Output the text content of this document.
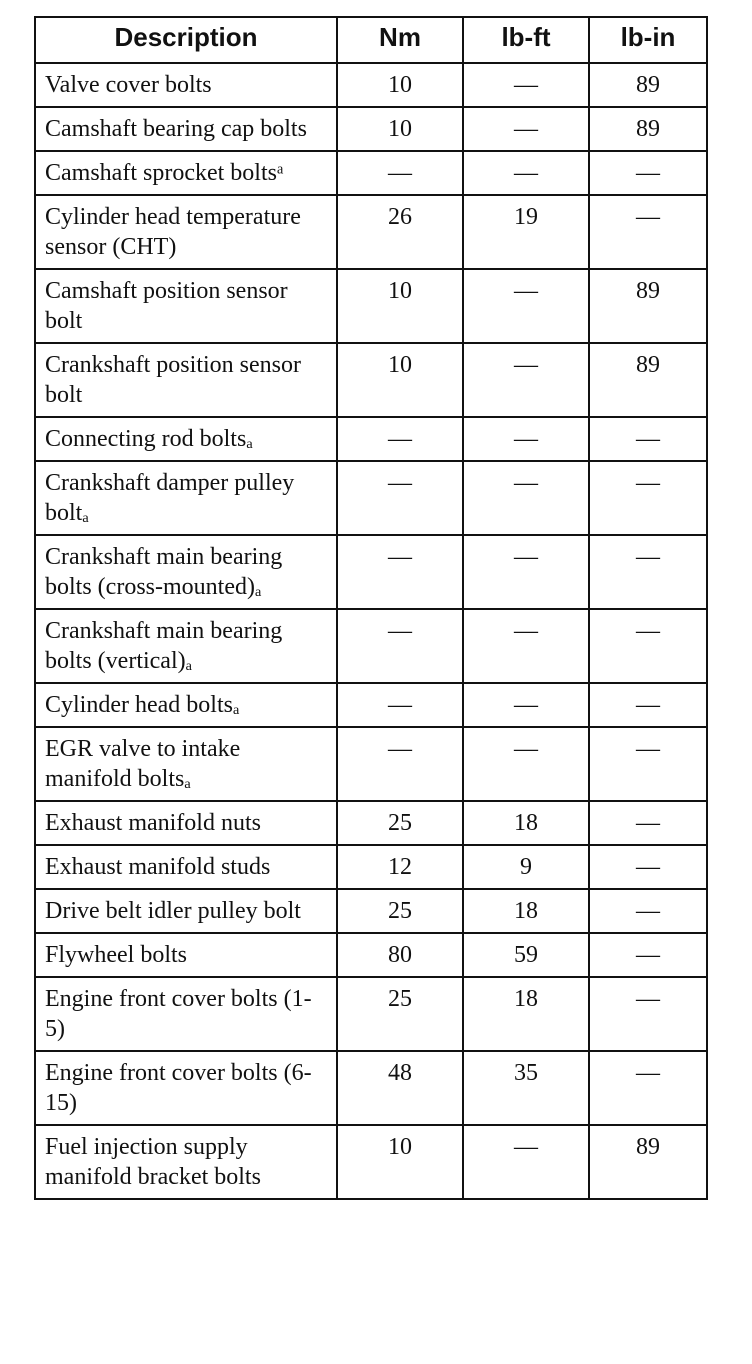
Description	Nm	lb-ft	lb-in
Valve cover bolts	10	—	89
Camshaft bearing cap bolts	10	—	89
Camshaft sprocket boltsᵃ	—	—	—
Cylinder head temperature sensor (CHT)	26	19	—
Camshaft position sensor bolt	10	—	89
Crankshaft position sensor bolt	10	—	89
Connecting rod boltsₐ	—	—	—
Crankshaft damper pulley boltₐ	—	—	—
Crankshaft main bearing bolts (cross-mounted)ₐ	—	—	—
Crankshaft main bearing bolts (vertical)ₐ	—	—	—
Cylinder head boltsₐ	—	—	—
EGR valve to intake manifold boltsₐ	—	—	—
Exhaust manifold nuts	25	18	—
Exhaust manifold studs	12	9	—
Drive belt idler pulley bolt	25	18	—
Flywheel bolts	80	59	—
Engine front cover bolts (1-5)	25	18	—
Engine front cover bolts (6-15)	48	35	—
Fuel injection supply manifold bracket bolts	10	—	89
